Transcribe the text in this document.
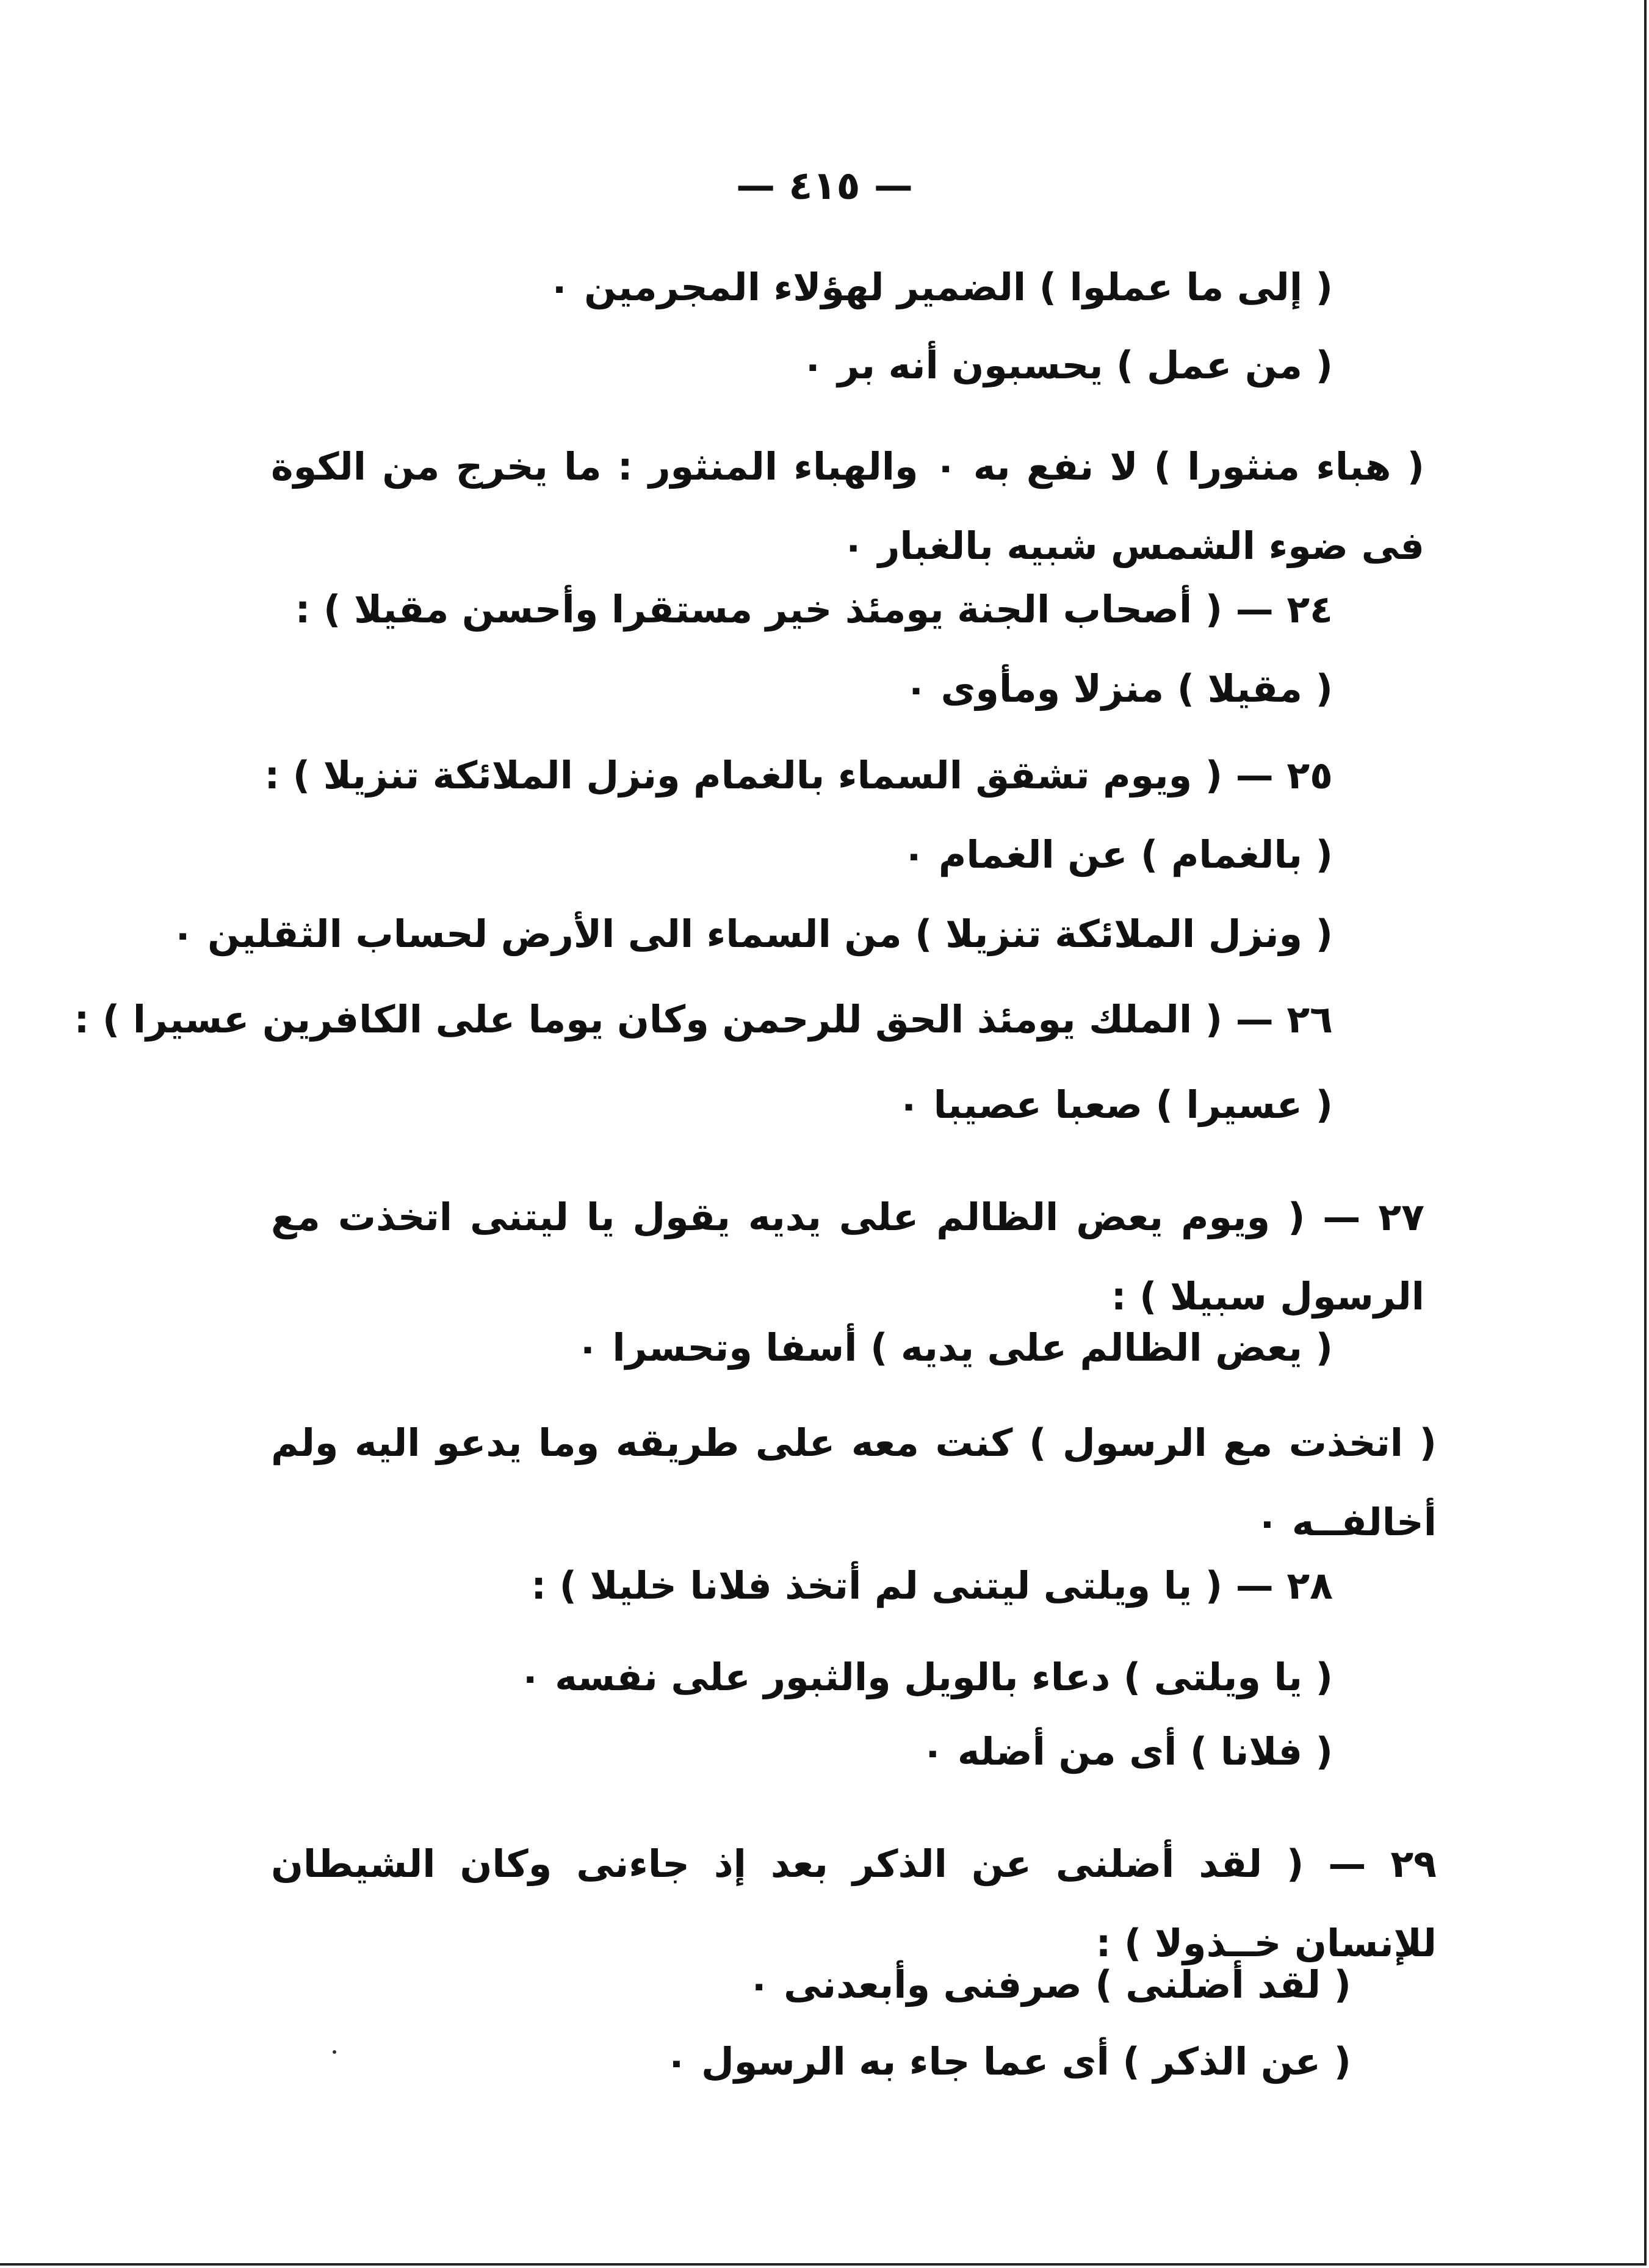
— ٤١٥ —
( إلى ما عملوا ) الضمير لهؤلاء المجرمين ٠
( من عمل ) يحسبون أنه بر ٠
( هباء منثورا ) لا نفع به ٠ والهباء المنثور : ما يخرج من الكوة فى ضوء الشمس شبيه بالغبار ٠
٢٤ — ( أصحاب الجنة يومئذ خير مستقرا وأحسن مقيلا ) :
( مقيلا ) منزلا ومأوى ٠
٢٥ — ( ويوم تشقق السماء بالغمام ونزل الملائكة تنزيلا ) :
( بالغمام ) عن الغمام ٠
( ونزل الملائكة تنزيلا ) من السماء الى الأرض لحساب الثقلين ٠
٢٦ — ( الملك يومئذ الحق للرحمن وكان يوما على الكافرين عسيرا ) :
( عسيرا ) صعبا عصيبا ٠
٢٧ — ( ويوم يعض الظالم على يديه يقول يا ليتنى اتخذت مع الرسول سبيلا ) :
( يعض الظالم على يديه ) أسفا وتحسرا ٠
( اتخذت مع الرسول ) كنت معه على طريقه وما يدعو اليه ولم أخالفــه ٠
٢٨ — ( يا ويلتى ليتنى لم أتخذ فلانا خليلا ) :
( يا ويلتى ) دعاء بالويل والثبور على نفسه ٠
( فلانا ) أى من أضله ٠
٢٩ — ( لقد أضلنى عن الذكر بعد إذ جاءنى وكان الشيطان للإنسان خــذولا ) :
( لقد أضلنى ) صرفنى وأبعدنى ٠
( عن الذكر ) أى عما جاء به الرسول ٠
